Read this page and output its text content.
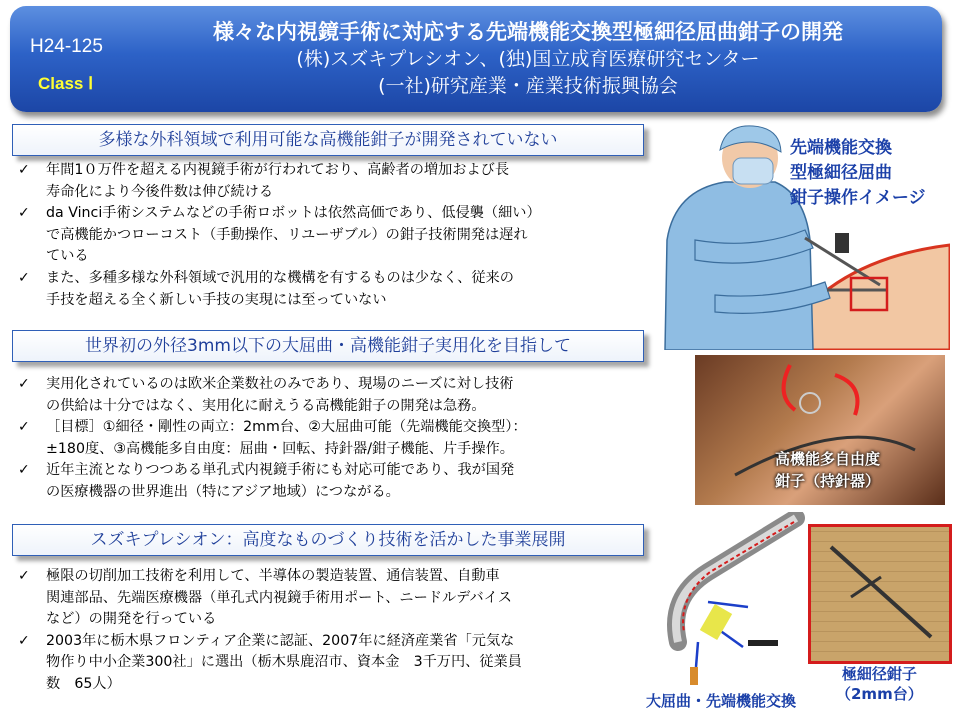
H24-125
Class Ⅰ
様々な内視鏡手術に対応する先端機能交換型極細径屈曲鉗子の開発
(株)スズキプレシオン、(独)国立成育医療研究センター
(一社)研究産業・産業技術振興協会
多様な外科領域で利用可能な高機能鉗子が開発されていない
✓ 年間1０万件を超える内視鏡手術が行われており、高齢者の増加および長
寿命化により今後件数は伸び続ける
✓ da Vinci手術システムなどの手術ロボットは依然高価であり、低侵襲（細い）
で高機能かつローコスト（手動操作、リユーザブル）の鉗子技術開発は遅れ
ている
✓ また、多種多様な外科領域で汎用的な機構を有するものは少なく、従来の
手技を超える全く新しい手技の実現には至っていない
世界初の外径3mm以下の大屈曲・高機能鉗子実用化を目指して
✓ 実用化されているのは欧米企業数社のみであり、現場のニーズに対し技術
の供給は十分ではなく、実用化に耐えうる高機能鉗子の開発は急務。
✓ ［目標］①細径・剛性の両立：2mm台、②大屈曲可能（先端機能交換型）：
±180度、③高機能多自由度：屈曲・回転、持針器/鉗子機能、片手操作。
✓ 近年主流となりつつある単孔式内視鏡手術にも対応可能であり、我が国発
の医療機器の世界進出（特にアジア地域）につながる。
スズキプレシオン：高度なものづくり技術を活かした事業展開
✓ 極限の切削加工技術を利用して、半導体の製造装置、通信装置、自動車
関連部品、先端医療機器（単孔式内視鏡手術用ポート、ニードルデバイス
など）の開発を行っている
✓ 2003年に栃木県フロンティア企業に認証、2007年に経済産業省「元気な
物作り中小企業300社」に選出（栃木県鹿沼市、資本金　3千万円、従業員
数　65人）
先端機能交換
型極細径屈曲
鉗子操作イメージ
高機能多自由度
鉗子（持針器）
極細径鉗子
（2mm台）
大屈曲・先端機能交換
